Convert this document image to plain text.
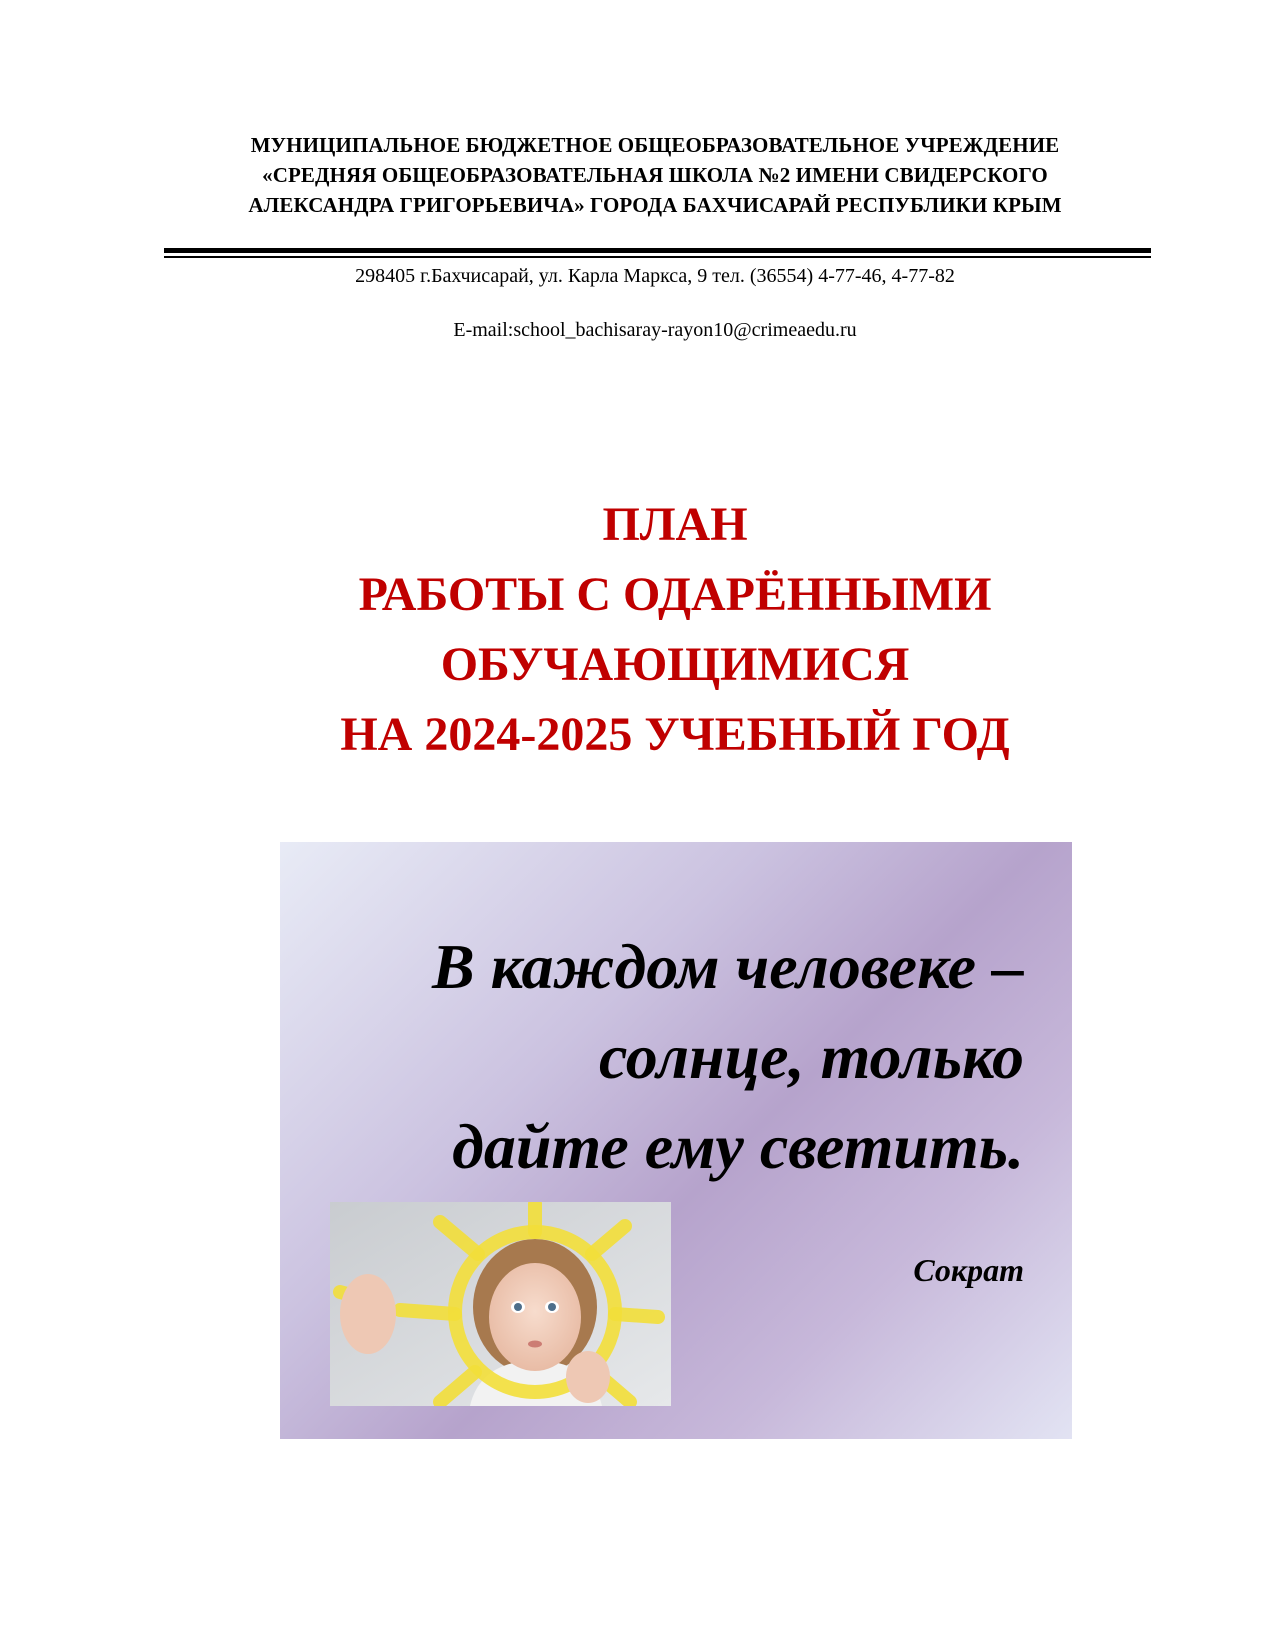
МУНИЦИПАЛЬНОЕ БЮДЖЕТНОЕ ОБЩЕОБРАЗОВАТЕЛЬНОЕ УЧРЕЖДЕНИЕ
«СРЕДНЯЯ ОБЩЕОБРАЗОВАТЕЛЬНАЯ ШКОЛА №2 ИМЕНИ СВИДЕРСКОГО
АЛЕКСАНДРА ГРИГОРЬЕВИЧА» ГОРОДА БАХЧИСАРАЙ РЕСПУБЛИКИ КРЫМ
298405 г.Бахчисарай, ул. Карла Маркса, 9 тел. (36554) 4-77-46, 4-77-82
E-mail:school_bachisaray-rayon10@crimeaedu.ru
ПЛАН
РАБОТЫ С ОДАРЁННЫМИ
ОБУЧАЮЩИМИСЯ
НА 2024-2025 УЧЕБНЫЙ ГОД
В каждом человеке –
солнце, только
дайте ему светить.
Сократ
